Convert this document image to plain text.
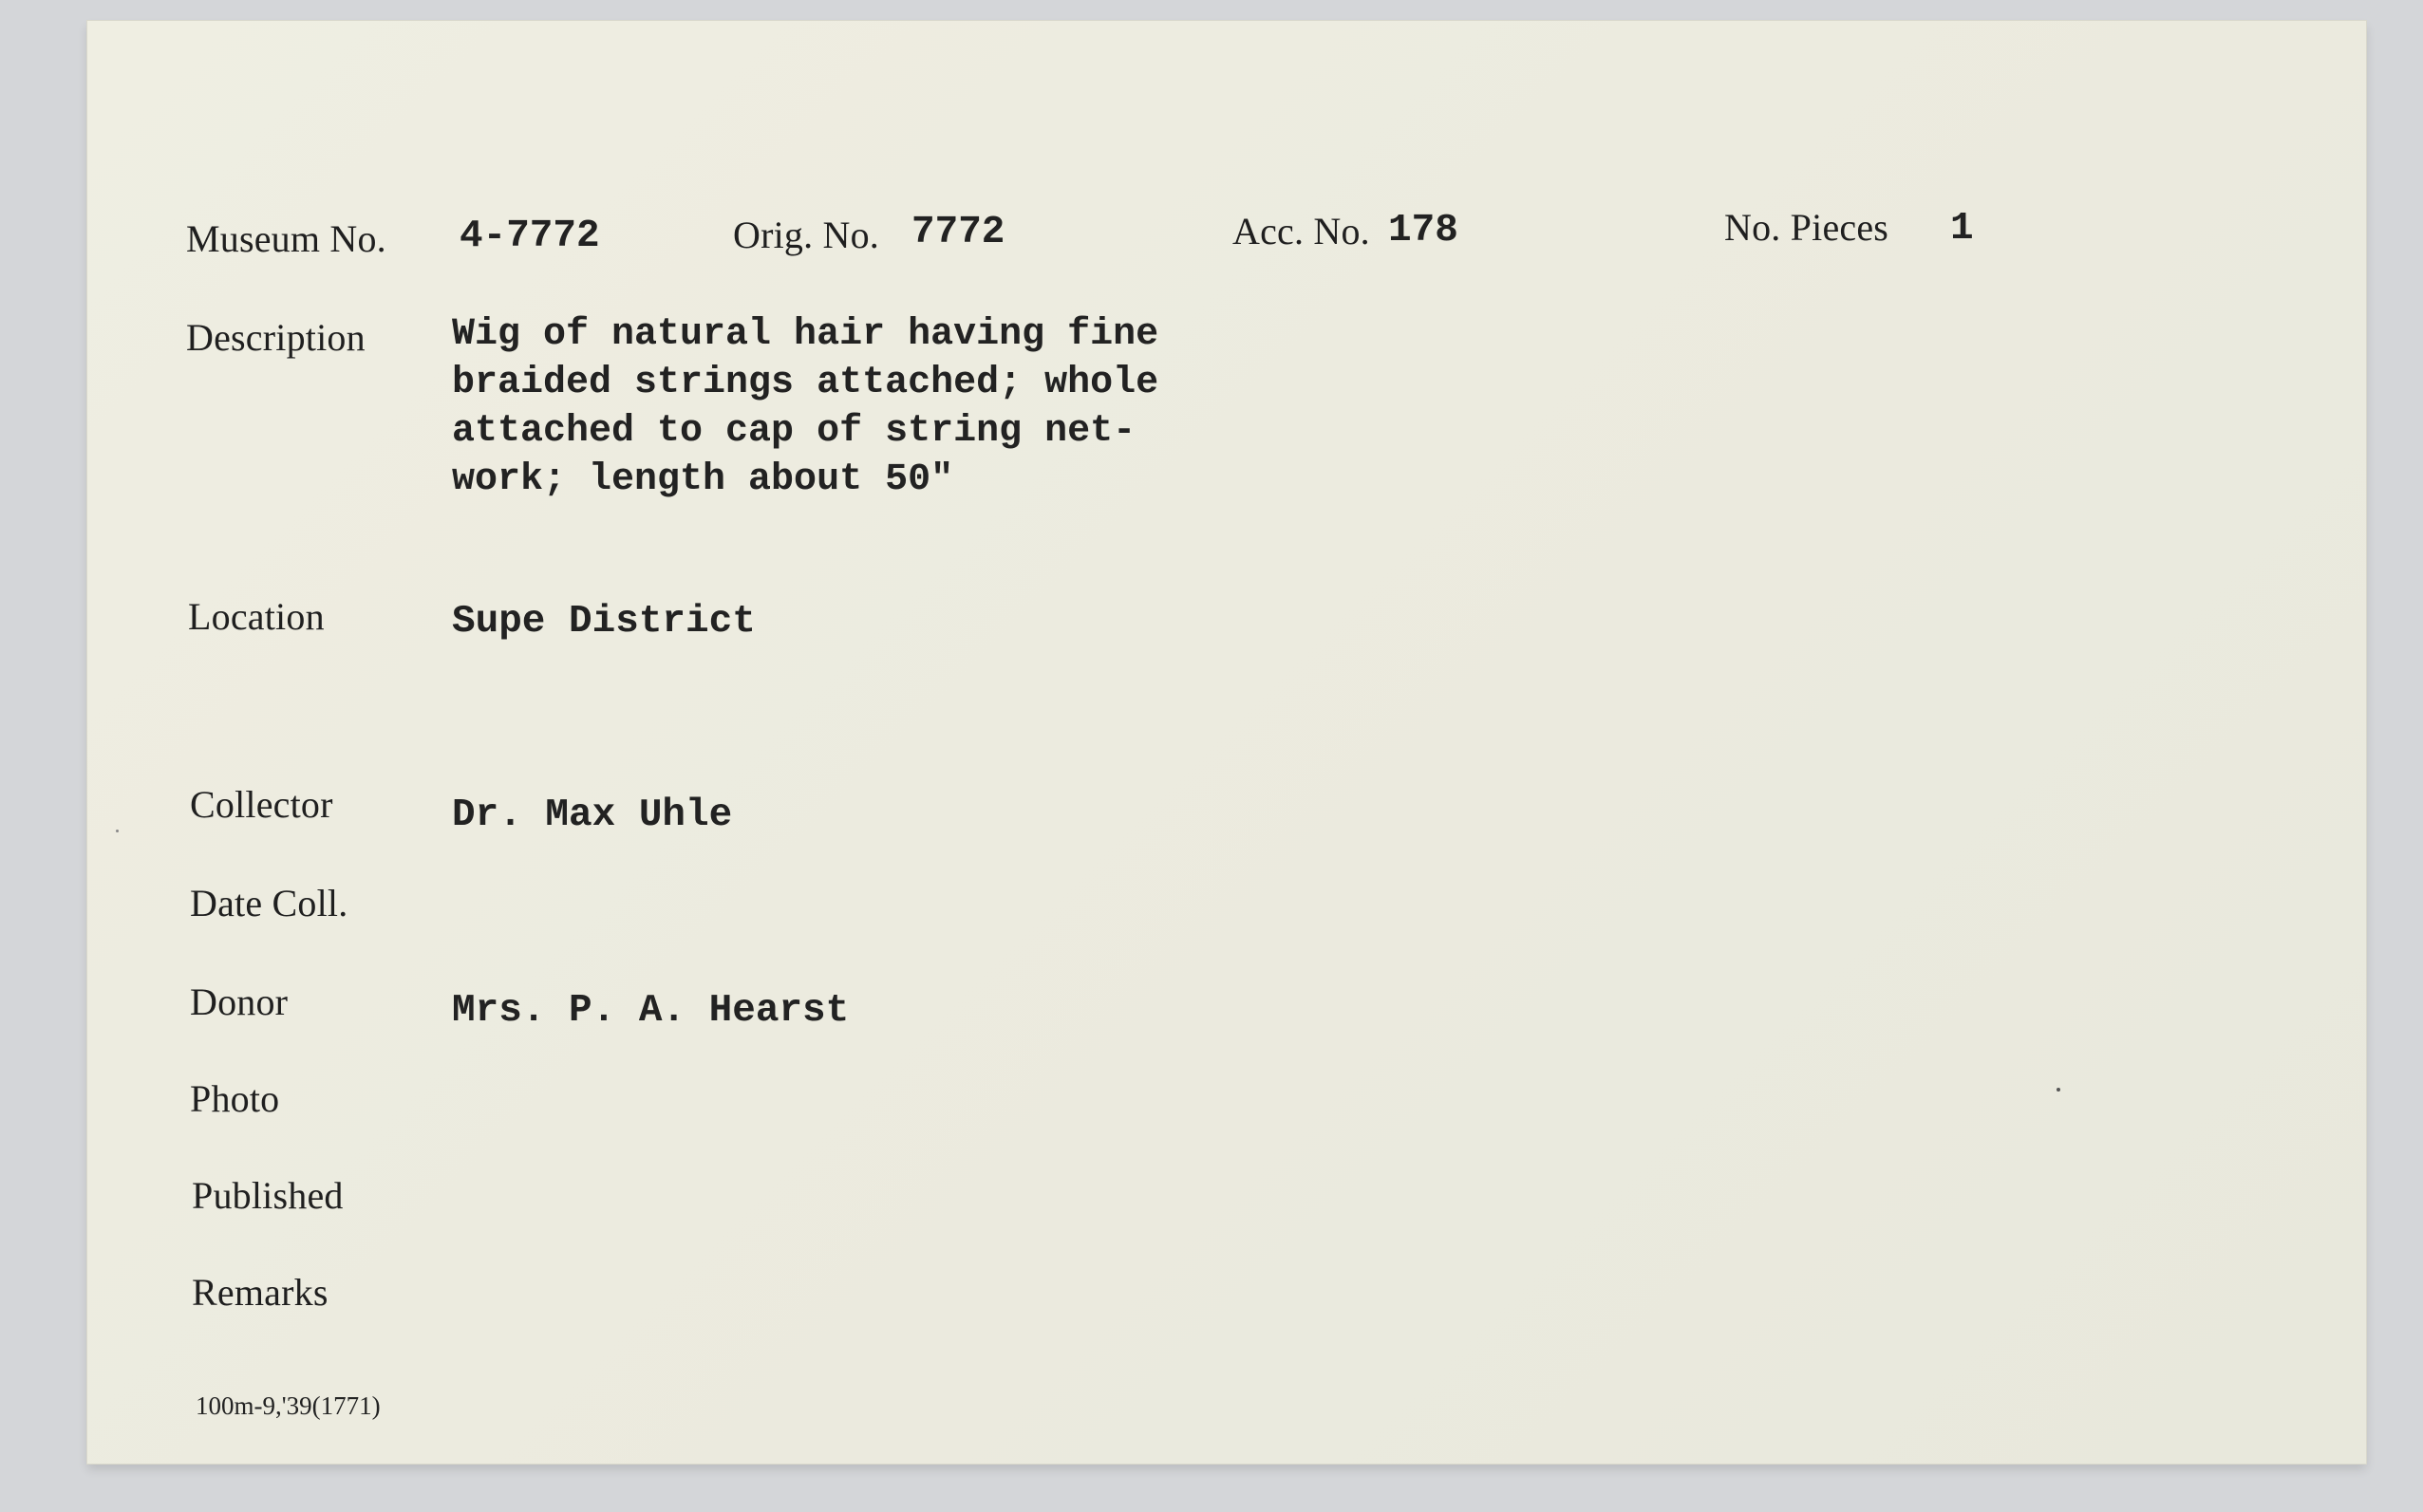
Museum No. 4-7772	Orig. No. 7772	Acc. No. 178	No. Pieces 1
Description Wig of natural hair having fine
braided strings attached; whole
attached to cap of string net-
work; length about 50"
Location	Supe District
Collector	Dr. Max Uhle
Date Coll.
Donor	Mrs. P. A. Hearst
Photo
Published
Remarks
100m-9,'39(1771)
